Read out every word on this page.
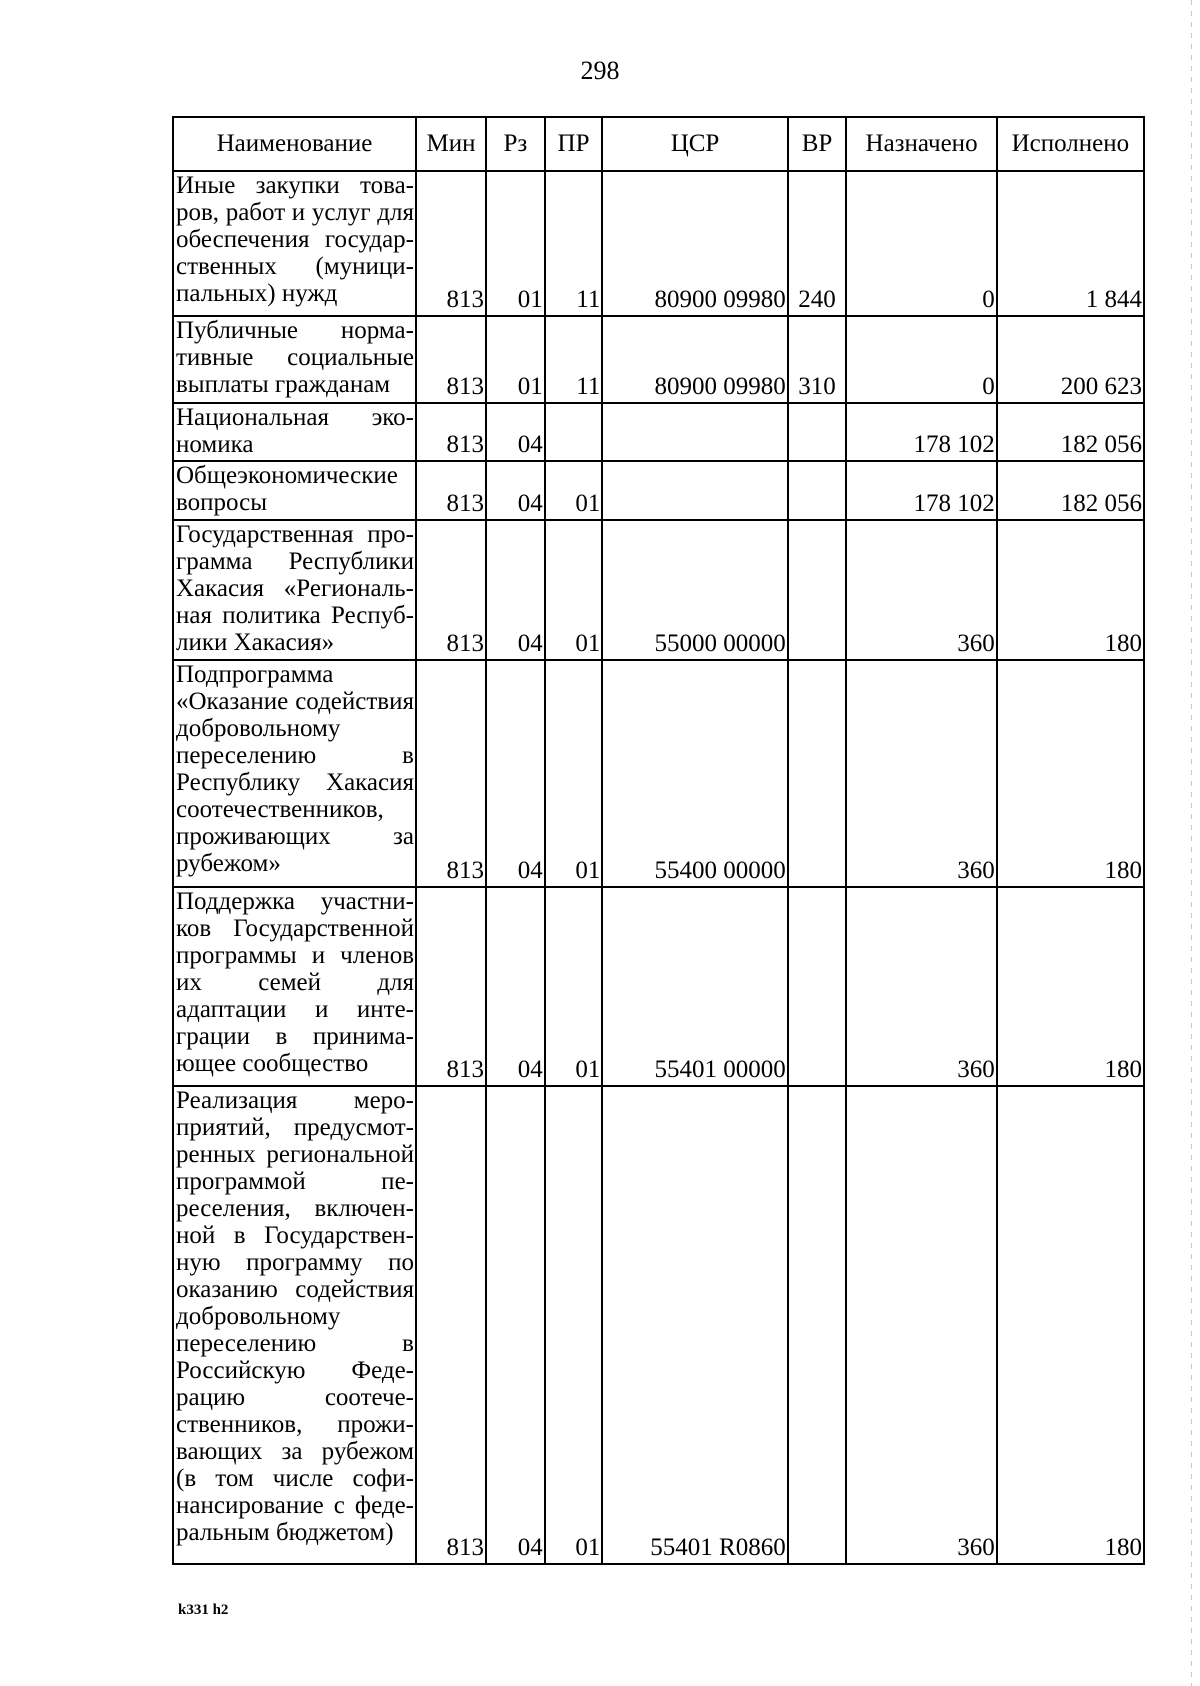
298
Наименование	Мин	Рз	ПР	ЦСР	ВР	Назначено	Исполнено
Иные закупки товаров, работ и услуг для обеспечения государственных (муниципальных) нужд	813	01	11	80900 09980	240	0	1 844
Публичные нормативные социальные выплаты гражданам	813	01	11	80900 09980	310	0	200 623
Национальная экономика	813	04				178 102	182 056
Общеэкономические вопросы	813	04	01			178 102	182 056
Государственная программа Республики Хакасия «Региональная политика Республики Хакасия»	813	04	01	55000 00000		360	180
Подпрограмма «Оказание содействия добровольному переселению в Республику Хакасия соотечественников, проживающих за рубежом»	813	04	01	55400 00000		360	180
Поддержка участников Государственной программы и членов их семей для адаптации и интеграции в принимающее сообщество	813	04	01	55401 00000		360	180
Реализация мероприятий, предусмотренных региональной программой переселения, включенной в Государственную программу по оказанию содействия добровольному переселению в Российскую Федерацию соотечественников, проживающих за рубежом (в том числе софинансирование с федеральным бюджетом)	813	04	01	55401 R0860		360	180
k331 h2
